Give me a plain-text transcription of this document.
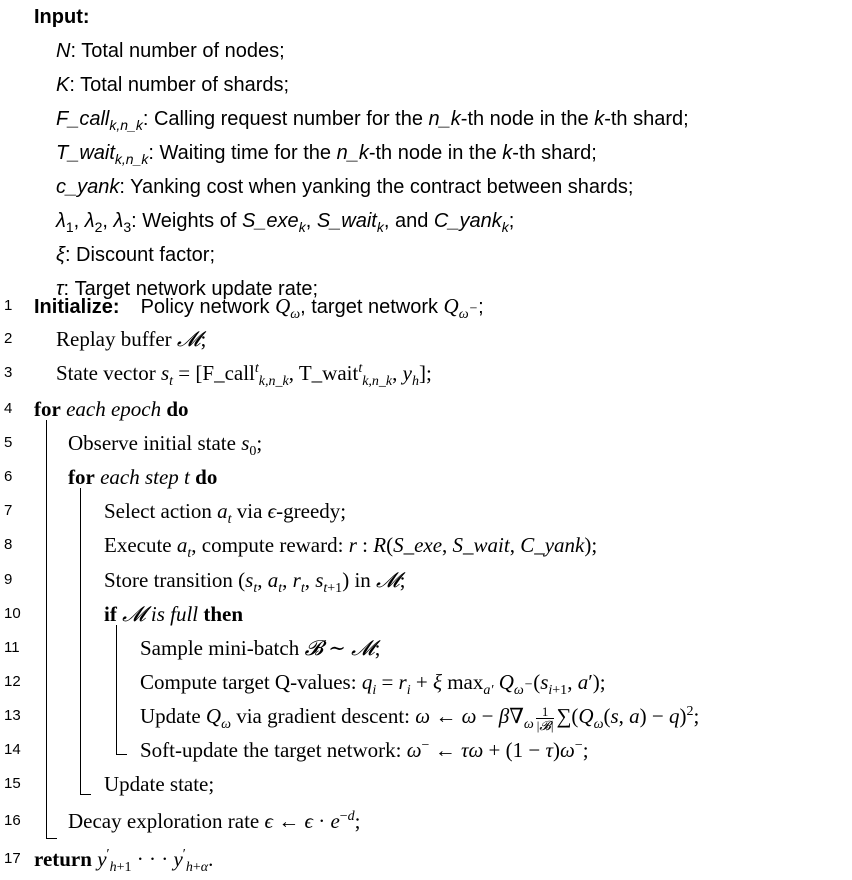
Input:
N: Total number of nodes;
K: Total number of shards;
F_call$_{k,n\_k}$: Calling request number for the n_k-th node in the k-th shard;
T_wait$_{k,n\_k}$: Waiting time for the n_k-th node in the k-th shard;
c_yank: Yanking cost when yanking the contract between shards;
$\lambda_1$, $\lambda_2$, $\lambda_3$: Weights of S_exe$_k$, S_wait$_k$, and C_yank$_k$;
ξ: Discount factor;
τ: Target network update rate;
1	Initialize: Policy network $Q_\omega$, target network $Q_{\omega^-}$;
2	Replay buffer 𝓜;
3	State vector $s_t$ = [F_call$^t_{k,n\_k}$, T_wait$^t_{k,n\_k}$, $y_h$];
4	for each epoch do
5	Observe initial state $s_0$;
6	for each step t do
7	Select action $a_t$ via ϵ-greedy;
8	Execute $a_t$, compute reward: r : R(S_exe, S_wait, C_yank);
9	Store transition ($s_t$, $a_t$, $r_t$, $s_{t+1}$) in 𝓜;
10	if 𝓜 is full then
11	Sample mini-batch 𝓑 ∼ 𝓜;
12	Compute target Q-values: $q_i = r_i + \xi$ $\max_{a'} Q_{\omega^-}(s_{i+1}$, a′);
13	Update $Q_\omega$ via gradient descent: ω ← $\omega - \beta\nabla_\omega \frac{1}{\text{|𝓑|}} \sum(Q_\omega(s$, a) − q)$^2$;
14	Soft-update the target network: ω− ← τω + (1 − τ)ω−;
15	Update state;
16 Decay exploration rate ϵ ← $\epsilon \cdot e^{-d}$;
17 return $y'_{h+1}$ · · · $y'_{h+\alpha}$.
